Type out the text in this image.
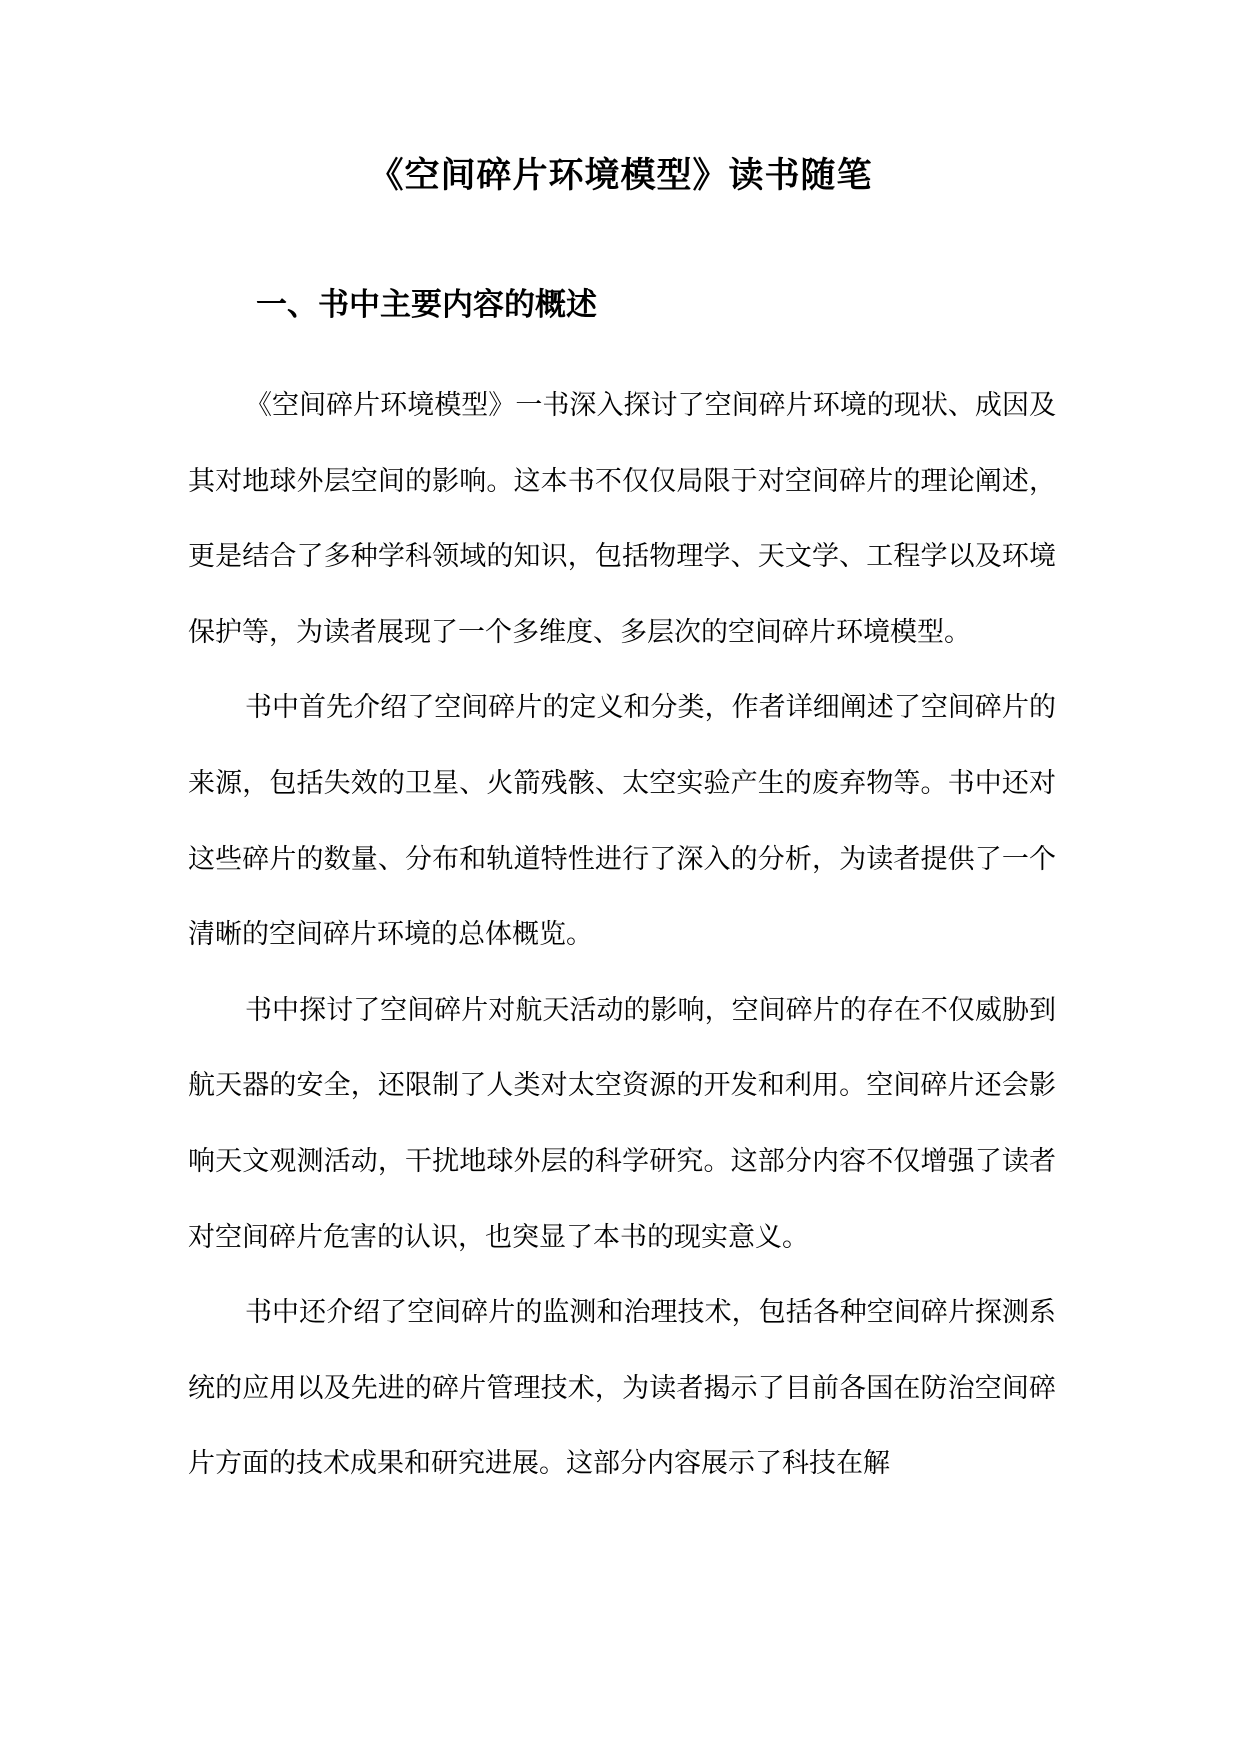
《空间碎片环境模型》读书随笔
一、书中主要内容的概述

《空间碎片环境模型》一书深入探讨了空间碎片环境的现状、成因及其对地球外层空间的影响。这本书不仅仅局限于对空间碎片的理论阐述，更是结合了多种学科领域的知识，包括物理学、天文学、工程学以及环境保护等，为读者展现了一个多维度、多层次的空间碎片环境模型。

书中首先介绍了空间碎片的定义和分类，作者详细阐述了空间碎片的来源，包括失效的卫星、火箭残骸、太空实验产生的废弃物等。书中还对这些碎片的数量、分布和轨道特性进行了深入的分析，为读者提供了一个清晰的空间碎片环境的总体概览。

书中探讨了空间碎片对航天活动的影响，空间碎片的存在不仅威胁到航天器的安全，还限制了人类对太空资源的开发和利用。空间碎片还会影响天文观测活动，干扰地球外层的科学研究。这部分内容不仅增强了读者对空间碎片危害的认识，也突显了本书的现实意义。

书中还介绍了空间碎片的监测和治理技术，包括各种空间碎片探测系统的应用以及先进的碎片管理技术，为读者揭示了目前各国在防治空间碎片方面的技术成果和研究进展。这部分内容展示了科技在解
